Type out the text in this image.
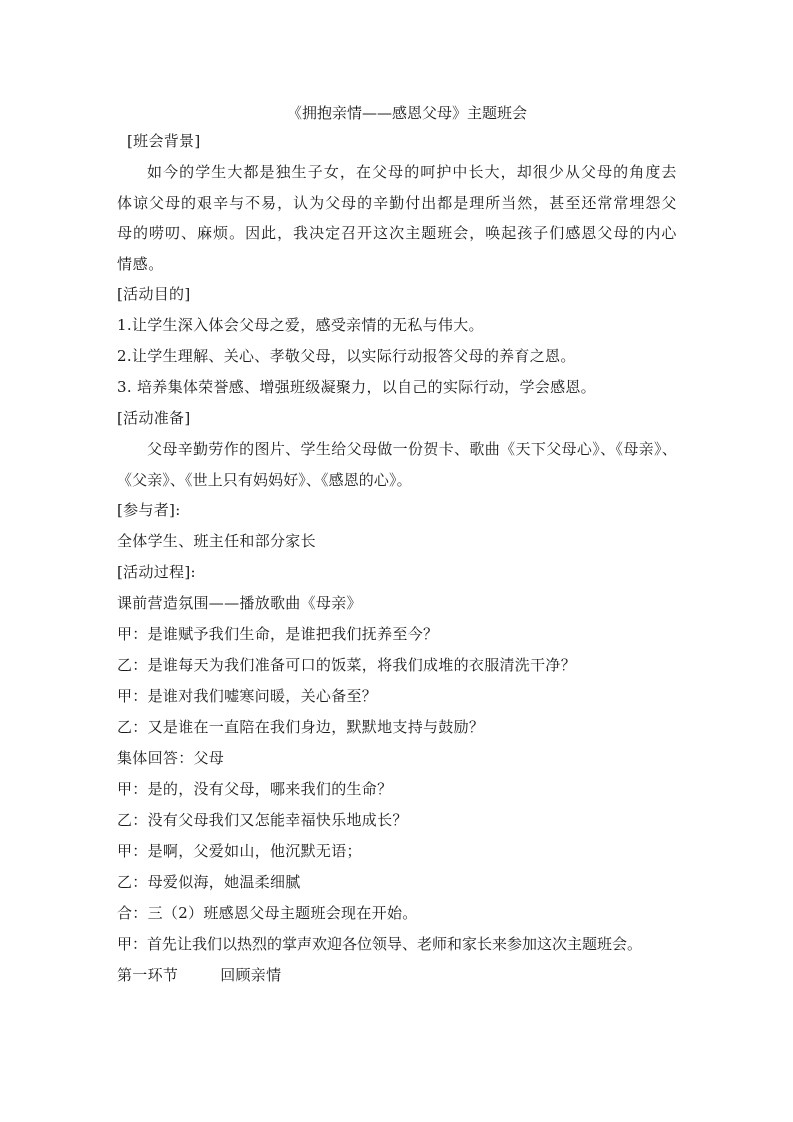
《拥抱亲情——感恩父母》主题班会
[班会背景]
如今的学生大都是独生子女，在父母的呵护中长大，却很少从父母的角度去体谅父母的艰辛与不易，认为父母的辛勤付出都是理所当然，甚至还常常埋怨父母的唠叨、麻烦。因此，我决定召开这次主题班会，唤起孩子们感恩父母的内心情感。
[活动目的]
1.让学生深入体会父母之爱，感受亲情的无私与伟大。
2.让学生理解、关心、孝敬父母，以实际行动报答父母的养育之恩。
3. 培养集体荣誉感、增强班级凝聚力，以自己的实际行动，学会感恩。
[活动准备]
父母辛勤劳作的图片、学生给父母做一份贺卡、歌曲《天下父母心》、《母亲》、《父亲》、《世上只有妈妈好》、《感恩的心》。
[参与者]:
全体学生、班主任和部分家长
[活动过程]:
课前营造氛围——播放歌曲《母亲》
甲：是谁赋予我们生命，是谁把我们抚养至今？
乙：是谁每天为我们准备可口的饭菜，将我们成堆的衣服清洗干净？
甲：是谁对我们嘘寒问暖，关心备至？
乙：又是谁在一直陪在我们身边，默默地支持与鼓励？
集体回答：父母
甲：是的，没有父母，哪来我们的生命？
乙：没有父母我们又怎能幸福快乐地成长？
甲：是啊，父爱如山，他沉默无语；
乙：母爱似海，她温柔细腻
合：三（2）班感恩父母主题班会现在开始。
甲：首先让我们以热烈的掌声欢迎各位领导、老师和家长来参加这次主题班会。
第一环节	回顾亲情
